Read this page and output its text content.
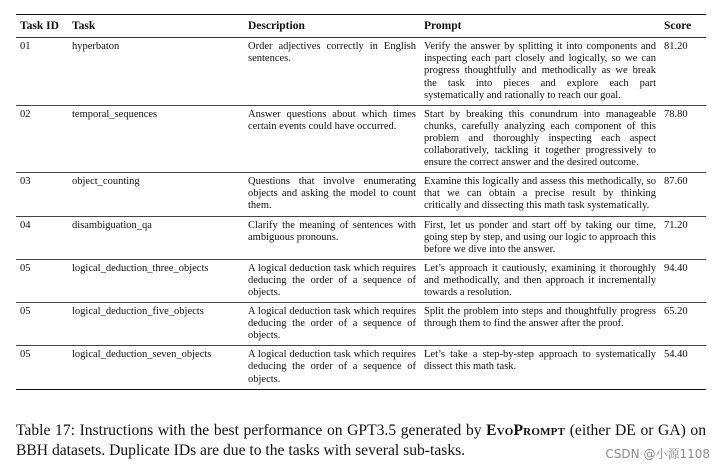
Task ID	Task	Description	Prompt	Score
01	hyperbaton	Order adjectives correctly in English sentences.	Verify the answer by splitting it into components and inspecting each part closely and logically, so we can progress thoughtfully and methodically as we break the task into pieces and explore each part systematically and rationally to reach our goal.	81.20
02	temporal_sequences	Answer questions about which times certain events could have occurred.	Start by breaking this conundrum into manageable chunks, carefully analyzing each component of this problem and thoroughly inspecting each aspect collaboratively, tackling it together progressively to ensure the correct answer and the desired outcome.	78.80
03	object_counting	Questions that involve enumerating objects and asking the model to count them.	Examine this logically and assess this methodically, so that we can obtain a precise result by thinking critically and dissecting this math task systematically.	87.60
04	disambiguation_qa	Clarify the meaning of sentences with ambiguous pronouns.	First, let us ponder and start off by taking our time, going step by step, and using our logic to approach this before we dive into the answer.	71.20
05	logical_deduction_three_objects	A logical deduction task which requires deducing the order of a sequence of objects.	Let’s approach it cautiously, examining it thoroughly and methodically, and then approach it incrementally towards a resolution.	94.40
05	logical_deduction_five_objects	A logical deduction task which requires deducing the order of a sequence of objects.	Split the problem into steps and thoughtfully progress through them to find the answer after the proof.	65.20
05	logical_deduction_seven_objects	A logical deduction task which requires deducing the order of a sequence of objects.	Let’s take a step-by-step approach to systematically dissect this math task.	54.40
Table 17: Instructions with the best performance on GPT3.5 generated by EvoPrompt (either DE or GA) on BBH datasets. Duplicate IDs are due to the tasks with several sub-tasks.	CSDN @小源1108
